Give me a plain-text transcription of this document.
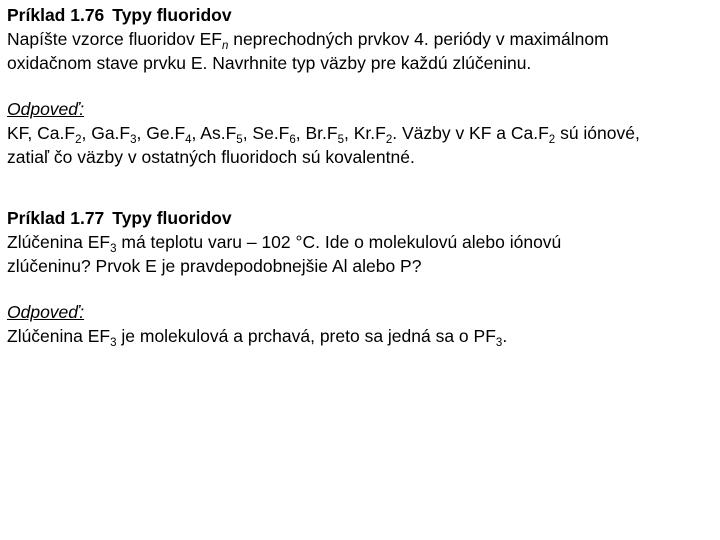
Príklad 1.76 Typy fluoridov

Napíšte vzorce fluoridov $EF_n$ neprechodných prvkov 4. periódy v maximálnom

oxidačnom stave prvku E. Navrhnite typ väzby pre každú zlúčeninu.

Odpoveď:

KF, $Ca.F_2$, $Ga.F_3$, $Ge.F_4$, $As.F_5$, $Se.F_6$, $Br.F_5$, $Kr.F_2$. Väzby v KF a $Ca.F_2$ sú iónové,

zatiaľ čo väzby v ostatných fluoridoch sú kovalentné.

Príklad 1.77 Typy fluoridov

Zlúčenina $EF_3$ má teplotu varu – 102 °C. Ide o molekulovú alebo iónovú

zlúčeninu? Prvok E je pravdepodobnejšie Al alebo P?

Odpoveď:

Zlúčenina $EF_3$ je molekulová a prchavá, preto sa jedná sa o $PF_3$.
